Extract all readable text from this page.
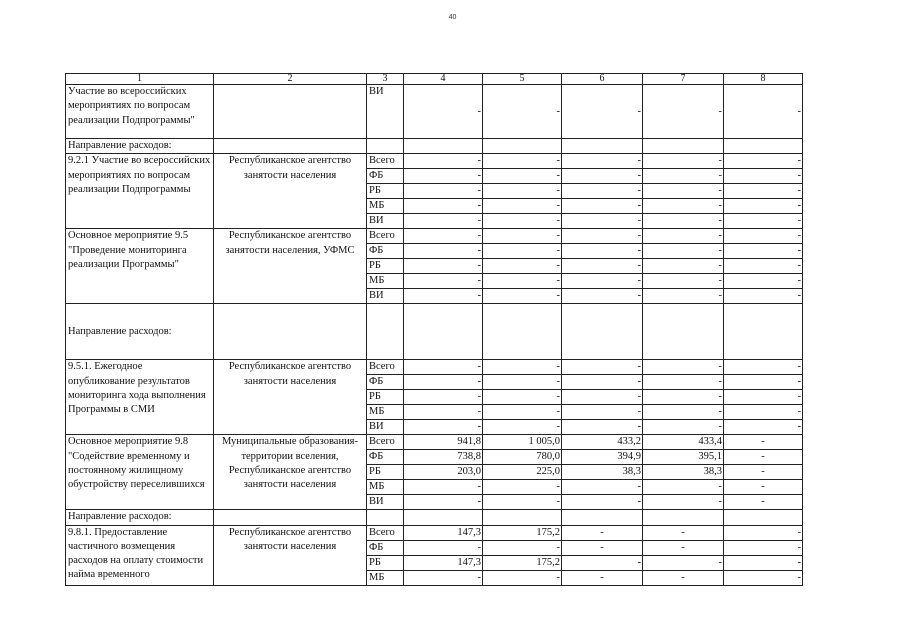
40
1	2	3	4	5	6	7	8
Участие во всероссийских мероприятиях по вопросам реализации Подпрограммы"		ВИ	-	-	-	-	-
Направление расходов:							
9.2.1 Участие во всероссийских мероприятиях по вопросам реализации Подпрограммы	Республиканское агентство занятости населения	Всего	-	-	-	-	-
		ФБ	-	-	-	-	-
		РБ	-	-	-	-	-
		МБ	-	-	-	-	-
		ВИ	-	-	-	-	-
Основное мероприятие 9.5 "Проведение мониторинга реализации Программы"	Республиканское агентство занятости населения, УФМС	Всего	-	-	-	-	-
		ФБ	-	-	-	-	-
		РБ	-	-	-	-	-
		МБ	-	-	-	-	-
		ВИ	-	-	-	-	-
Направление расходов:							
9.5.1. Ежегодное опубликование результатов мониторинга хода выполнения Программы в СМИ	Республиканское агентство занятости населения	Всего	-	-	-	-	-
		ФБ	-	-	-	-	-
		РБ	-	-	-	-	-
		МБ	-	-	-	-	-
		ВИ	-	-	-	-	-
Основное мероприятие 9.8 "Содействие временному и постоянному жилищному обустройству переселившихся	Муниципальные образования-территории вселения, Республиканское агентство занятости населения	Всего	941,8	1 005,0	433,2	433,4	-
		ФБ	738,8	780,0	394,9	395,1	-
		РБ	203,0	225,0	38,3	38,3	-
		МБ	-	-	-	-	-
		ВИ	-	-	-	-	-
Направление расходов:							
9.8.1. Предоставление частичного возмещения расходов на оплату стоимости найма временного	Республиканское агентство занятости населения	Всего	147,3	175,2	-	-	-
		ФБ	-	-	-	-	-
		РБ	147,3	175,2	-	-	-
		МБ	-	-	-	-	-
